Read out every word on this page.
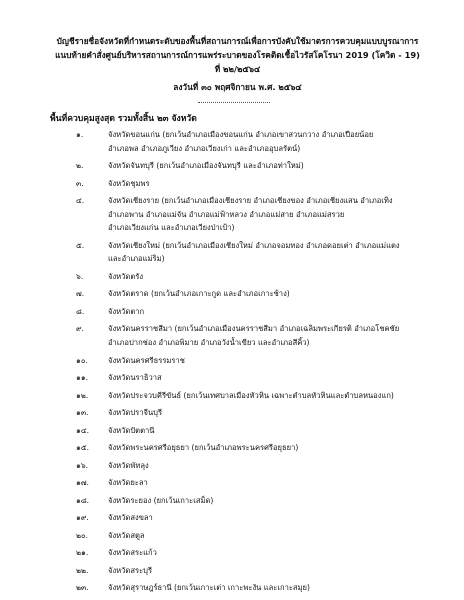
บัญชีรายชื่อจังหวัดที่กำหนดระดับของพื้นที่สถานการณ์เพื่อการบังคับใช้มาตรการควบคุมแบบบูรณาการ
แนบท้ายคำสั่งศูนย์บริหารสถานการณ์การแพร่ระบาดของโรคติดเชื้อไวรัสโคโรนา 2019 (โควิด - 19)
ที่ ๒๒/๒๕๖๔
ลงวันที่ ๓๐ พฤศจิกายน พ.ศ. ๒๕๖๔
พื้นที่ควบคุมสูงสุด รวมทั้งสิ้น ๒๓ จังหวัด
๑.	จังหวัดขอนแก่น (ยกเว้นอำเภอเมืองขอนแก่น อำเภอเขาสวนกวาง อำเภอเปือยน้อย
อำเภอพล อำเภอภูเวียง อำเภอเวียงเก่า และอำเภออุบลรัตน์)
๒.	จังหวัดจันทบุรี (ยกเว้นอำเภอเมืองจันทบุรี และอำเภอท่าใหม่)
๓.	จังหวัดชุมพร
๔.	จังหวัดเชียงราย (ยกเว้นอำเภอเมืองเชียงราย อำเภอเชียงของ อำเภอเชียงแสน อำเภอเทิง
อำเภอพาน อำเภอแม่จัน อำเภอแม่ฟ้าหลวง อำเภอแม่สาย อำเภอแม่สรวย
อำเภอเวียงแก่น และอำเภอเวียงป่าเป้า)
๕.	จังหวัดเชียงใหม่ (ยกเว้นอำเภอเมืองเชียงใหม่ อำเภอจอมทอง อำเภอดอยเต่า อำเภอแม่แตง
และอำเภอแม่ริม)
๖.	จังหวัดตรัง
๗.	จังหวัดตราด (ยกเว้นอำเภอเกาะกูด และอำเภอเกาะช้าง)
๘.	จังหวัดตาก
๙.	จังหวัดนครราชสีมา (ยกเว้นอำเภอเมืองนครราชสีมา อำเภอเฉลิมพระเกียรติ อำเภอโชคชัย
อำเภอปากช่อง อำเภอพิมาย อำเภอวังน้ำเขียว และอำเภอสีคิ้ว)
๑๐.	จังหวัดนครศรีธรรมราช
๑๑.	จังหวัดนราธิวาส
๑๒.	จังหวัดประจวบคีรีขันธ์ (ยกเว้นเทศบาลเมืองหัวหิน เฉพาะตำบลหัวหินและตำบลหนองแก)
๑๓.	จังหวัดปราจีนบุรี
๑๔.	จังหวัดปัตตานี
๑๕.	จังหวัดพระนครศรีอยุธยา (ยกเว้นอำเภอพระนครศรีอยุธยา)
๑๖.	จังหวัดพัทลุง
๑๗.	จังหวัดยะลา
๑๘.	จังหวัดระยอง (ยกเว้นเกาะเสม็ด)
๑๙.	จังหวัดสงขลา
๒๐.	จังหวัดสตูล
๒๑.	จังหวัดสระแก้ว
๒๒.	จังหวัดสระบุรี
๒๓.	จังหวัดสุราษฎร์ธานี (ยกเว้นเกาะเต่า เกาะพะงัน และเกาะสมุย)
